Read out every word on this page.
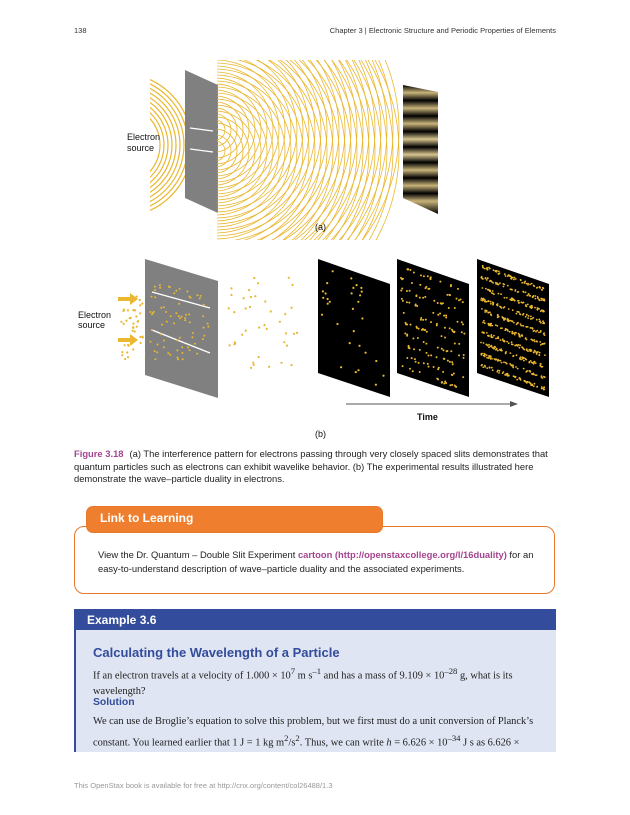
138	Chapter 3 | Electronic Structure and Periodic Properties of Elements
Electron
source
(a)
Electron
source
Time
(b)
Figure 3.18 (a) The interference pattern for electrons passing through very closely spaced slits demonstrates that quantum particles such as electrons can exhibit wavelike behavior. (b) The experimental results illustrated here demonstrate the wave–particle duality in electrons.
Link to Learning
View the Dr. Quantum – Double Slit Experiment cartoon (http://openstaxcollege.org/l/16duality) for an easy-to-understand description of wave–particle duality and the associated experiments.
Example 3.6
Calculating the Wavelength of a Particle
If an electron travels at a velocity of $1.000 \times 10^7$ m $s^{-1}$ and has a mass of $9.109 \times 10^{-28}$ g, what is its wavelength?
Solution
We can use de Broglie’s equation to solve this problem, but we first must do a unit conversion of Planck’s constant. You learned earlier that 1 J = 1 kg $m^2/s^2$. Thus, we can write $h = 6.626 \times 10^{-34}$ J s as 6.626 ×
This OpenStax book is available for free at http://cnx.org/content/col26488/1.3
